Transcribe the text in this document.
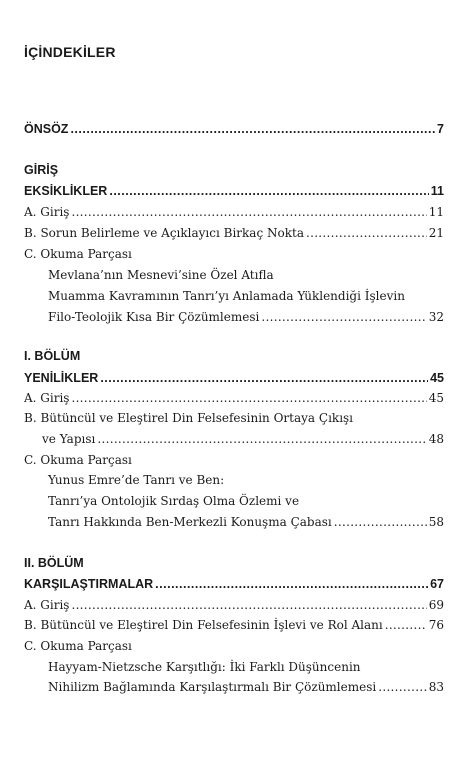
İÇİNDEKİLER
ÖNSÖZ .....	7
GİRİŞ
EKSİKLİKLER .....	11
A. Giriş .....	11
B. Sorun Belirleme ve Açıklayıcı Birkaç Nokta .....	21
C. Okuma Parçası
Mevlana’nın Mesnevi’sine Özel Atıfla
Muamma Kavramının Tanrı’yı Anlamada Yüklendiği İşlevin
Filo-Teolojik Kısa Bir Çözümlemesi .....	32
I. BÖLÜM
YENİLİKLER .....	45
A. Giriş .....	45
B. Bütüncül ve Eleştirel Din Felsefesinin Ortaya Çıkışı
ve Yapısı .....	48
C. Okuma Parçası
Yunus Emre’de Tanrı ve Ben:
Tanrı’ya Ontolojik Sırdaş Olma Özlemi ve
Tanrı Hakkında Ben-Merkezli Konuşma Çabası .....	58
II. BÖLÜM
KARŞILAŞTIRMALAR .....	67
A. Giriş .....	69
B. Bütüncül ve Eleştirel Din Felsefesinin İşlevi ve Rol Alanı .....	76
C. Okuma Parçası
Hayyam-Nietzsche Karşıtlığı: İki Farklı Düşüncenin
Nihilizm Bağlamında Karşılaştırmalı Bir Çözümlemesi .....	83
